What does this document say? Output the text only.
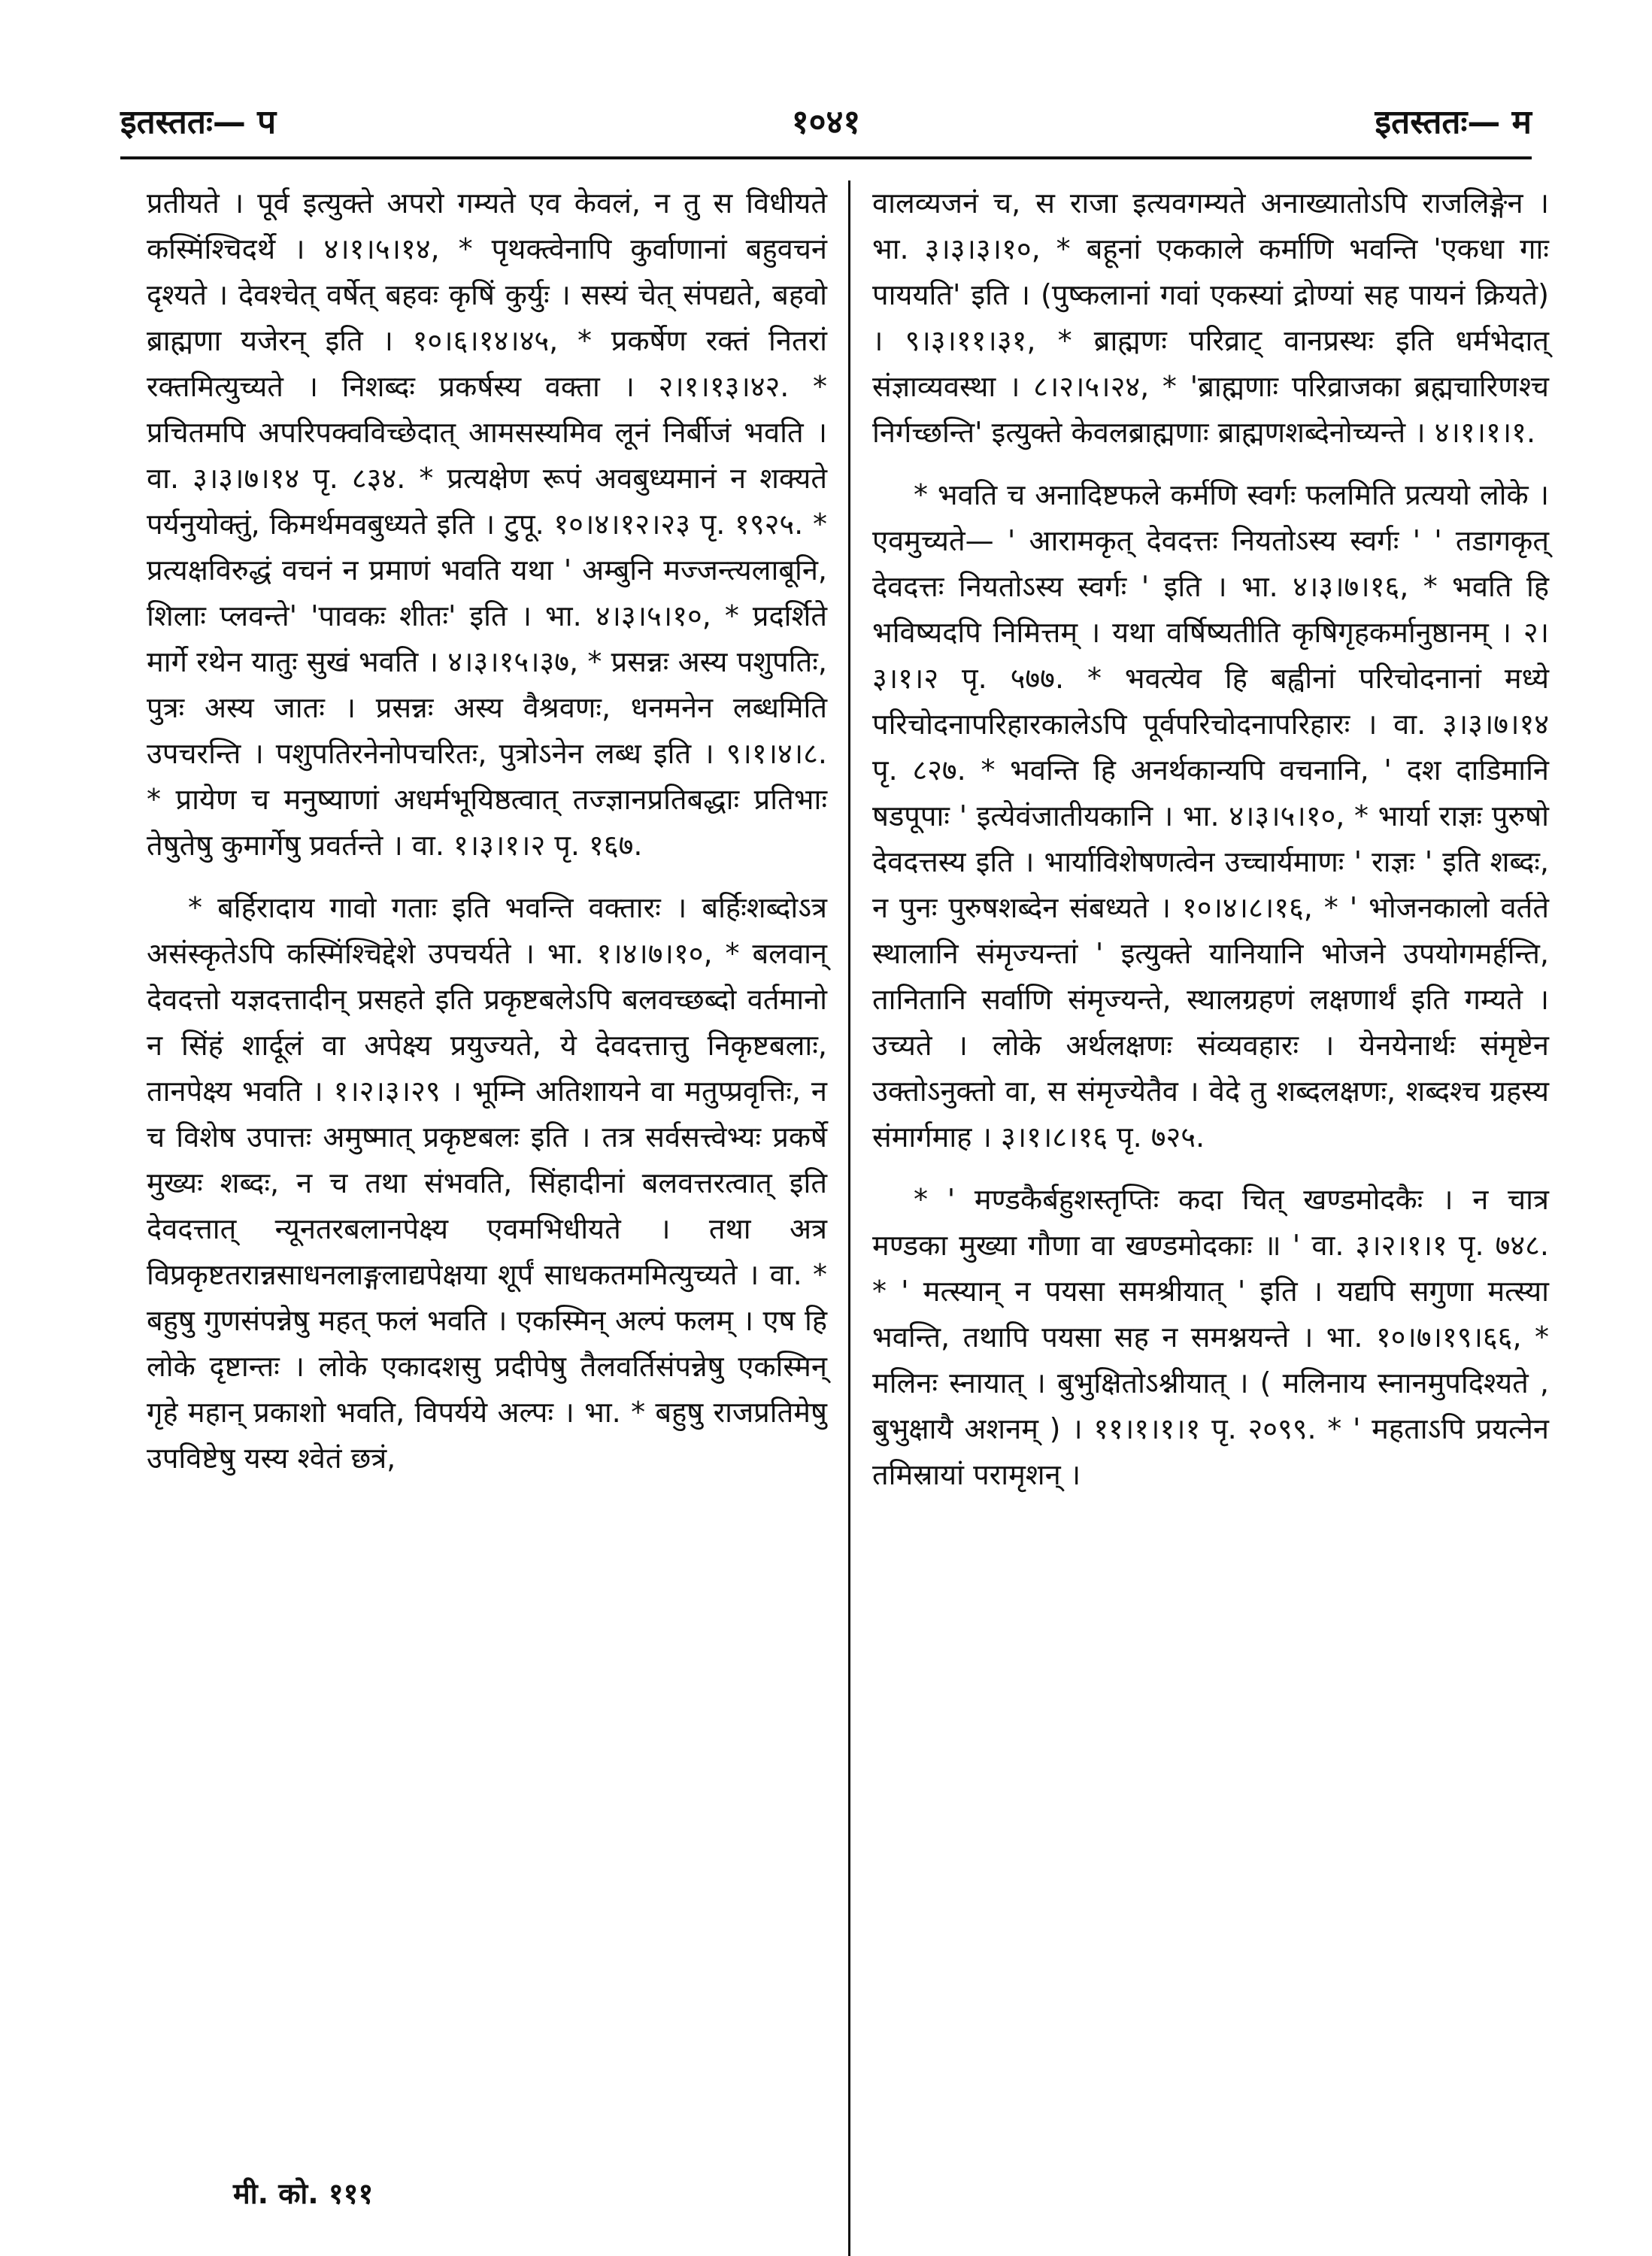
इतस्ततः— प	१०४१	इतस्ततः— म

प्रतीयते । पूर्व इत्युक्ते अपरो गम्यते एव केवलं, न तु स विधीयते कस्मिंश्चिदर्थे । ४।१।५।१४, * पृथक्त्वेनापि कुर्वाणानां बहुवचनं दृश्यते । देवश्चेत् वर्षेत् बहवः कृषिं कुर्युः । सस्यं चेत् संपद्यते, बहवो ब्राह्मणा यजेरन् इति । १०।६।१४।४५, * प्रकर्षेण रक्तं नितरां रक्तमित्युच्यते । निशब्दः प्रकर्षस्य वक्ता । २।१।१३।४२. * प्रचितमपि अपरिपक्वविच्छेदात् आमसस्यमिव लूनं निर्बीजं भवति । वा. ३।३।७।१४ पृ. ८३४. * प्रत्यक्षेण रूपं अवबुध्यमानं न शक्यते पर्यनुयोक्तुं, किमर्थमवबुध्यते इति । टुपू. १०।४।१२।२३ पृ. १९२५. * प्रत्यक्षविरुद्धं वचनं न प्रमाणं भवति यथा ' अम्बुनि मज्जन्त्यलाबूनि, शिलाः प्लवन्ते' 'पावकः शीतः' इति । भा. ४।३।५।१०, * प्रदर्शिते मार्गे रथेन यातुः सुखं भवति । ४।३।१५।३७, * प्रसन्नः अस्य पशुपतिः, पुत्रः अस्य जातः । प्रसन्नः अस्य वैश्रवणः, धनमनेन लब्धमिति उपचरन्ति । पशुपतिरनेनोपचरितः, पुत्रोऽनेन लब्ध इति । ९।१।४।८. * प्रायेण च मनुष्याणां अधर्मभूयिष्ठत्वात् तज्ज्ञानप्रतिबद्धाः प्रतिभाः तेषुतेषु कुमार्गेषु प्रवर्तन्ते । वा. १।३।१।२ पृ. १६७.

* बर्हिरादाय गावो गताः इति भवन्ति वक्तारः । बर्हिःशब्दोऽत्र असंस्कृतेऽपि कस्मिंश्चिद्देशे उपचर्यते । भा. १।४।७।१०, * बलवान् देवदत्तो यज्ञदत्तादीन् प्रसहते इति प्रकृष्टबलेऽपि बलवच्छब्दो वर्तमानो न सिंहं शार्दूलं वा अपेक्ष्य प्रयुज्यते, ये देवदत्तात्तु निकृष्टबलाः, तानपेक्ष्य भवति । १।२।३।२९ । भूम्नि अतिशायने वा मतुप्प्रवृत्तिः, न च विशेष उपात्तः अमुष्मात् प्रकृष्टबलः इति । तत्र सर्वसत्त्वेभ्यः प्रकर्षे मुख्यः शब्दः, न च तथा संभवति, सिंहादीनां बलवत्तरत्वात् इति देवदत्तात् न्यूनतरबलानपेक्ष्य एवमभिधीयते । तथा अत्र विप्रकृष्टतरान्नसाधनलाङ्गलाद्यपेक्षया शूर्पं साधकतममित्युच्यते । वा. * बहुषु गुणसंपन्नेषु महत् फलं भवति । एकस्मिन् अल्पं फलम् । एष हि लोके दृष्टान्तः । लोके एकादशसु प्रदीपेषु तैलवर्तिसंपन्नेषु एकस्मिन् गृहे महान् प्रकाशो भवति, विपर्यये अल्पः । भा. * बहुषु राजप्रतिमेषु उपविष्टेषु यस्य श्वेतं छत्रं,

वालव्यजनं च, स राजा इत्यवगम्यते अनाख्यातोऽपि राजलिङ्गेन । भा. ३।३।३।१०, * बहूनां एककाले कर्माणि भवन्ति 'एकधा गाः पाययति' इति । (पुष्कलानां गवां एकस्यां द्रोण्यां सह पायनं क्रियते) । ९।३।११।३१, * ब्राह्मणः परिव्राट् वानप्रस्थः इति धर्मभेदात् संज्ञाव्यवस्था । ८।२।५।२४, * 'ब्राह्मणाः परिव्राजका ब्रह्मचारिणश्च निर्गच्छन्ति' इत्युक्ते केवलब्राह्मणाः ब्राह्मणशब्देनोच्यन्ते । ४।१।१।१.

* भवति च अनादिष्टफले कर्मणि स्वर्गः फलमिति प्रत्ययो लोके । एवमुच्यते— ' आरामकृत् देवदत्तः नियतोऽस्य स्वर्गः ' ' तडागकृत् देवदत्तः नियतोऽस्य स्वर्गः ' इति । भा. ४।३।७।१६, * भवति हि भविष्यदपि निमित्तम् । यथा वर्षिष्यतीति कृषिगृहकर्मानुष्ठानम् । २।३।१।२ पृ. ५७७. * भवत्येव हि बह्वीनां परिचोदनानां मध्ये परिचोदनापरिहारकालेऽपि पूर्वपरिचोदनापरिहारः । वा. ३।३।७।१४ पृ. ८२७. * भवन्ति हि अनर्थकान्यपि वचनानि, ' दश दाडिमानि षडपूपाः ' इत्येवंजातीयकानि । भा. ४।३।५।१०, * भार्या राज्ञः पुरुषो देवदत्तस्य इति । भार्याविशेषणत्वेन उच्चार्यमाणः ' राज्ञः ' इति शब्दः, न पुनः पुरुषशब्देन संबध्यते । १०।४।८।१६, * ' भोजनकालो वर्तते स्थालानि संमृज्यन्तां ' इत्युक्ते यानियानि भोजने उपयोगमर्हन्ति, तानितानि सर्वाणि संमृज्यन्ते, स्थालग्रहणं लक्षणार्थं इति गम्यते । उच्यते । लोके अर्थलक्षणः संव्यवहारः । येनयेनार्थः संमृष्टेन उक्तोऽनुक्तो वा, स संमृज्येतैव । वेदे तु शब्दलक्षणः, शब्दश्च ग्रहस्य संमार्गमाह । ३।१।८।१६ पृ. ७२५.

* ' मण्डकैर्बहुशस्तृप्तिः कदा चित् खण्डमोदकैः । न चात्र मण्डका मुख्या गौणा वा खण्डमोदकाः ॥ ' वा. ३।२।१।१ पृ. ७४८. * ' मत्स्यान् न पयसा समश्रीयात् ' इति । यद्यपि सगुणा मत्स्या भवन्ति, तथापि पयसा सह न समश्नयन्ते । भा. १०।७।१९।६६, * मलिनः स्नायात् । बुभुक्षितोऽश्नीयात् । ( मलिनाय स्नानमुपदिश्यते , बुभुक्षायै अशनम् ) । ११।१।१।१ पृ. २०९९. * ' महताऽपि प्रयत्नेन तमिस्रायां परामृशन् ।

मी. को. १११
